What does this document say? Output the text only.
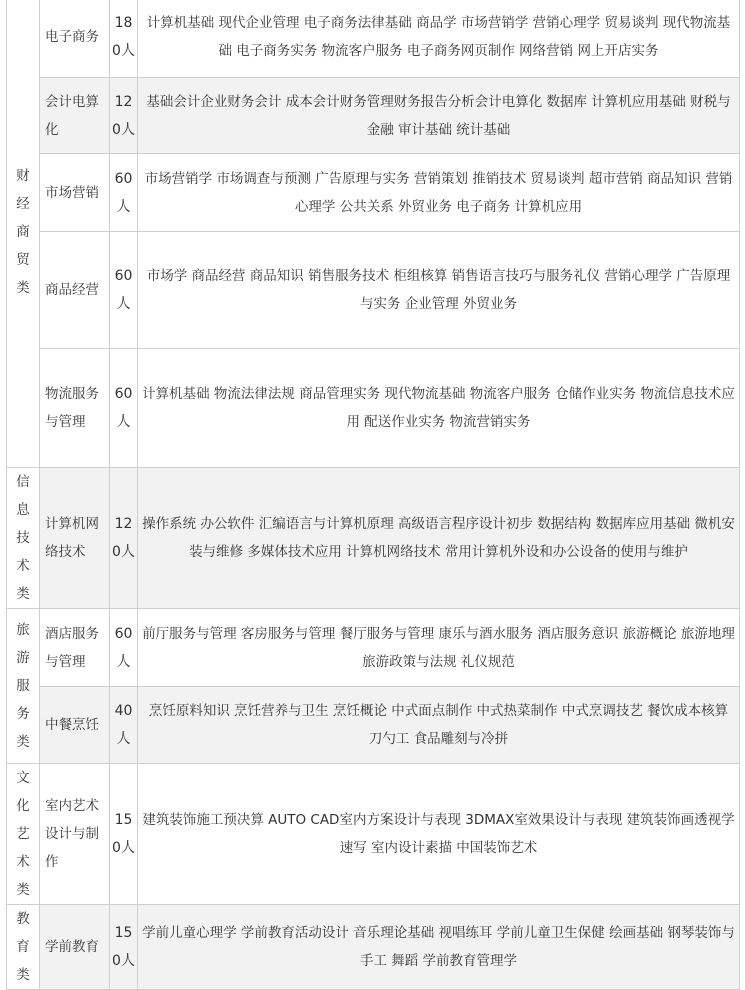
财经商贸类	电子商务	180人	计算机基础 现代企业管理 电子商务法律基础 商品学 市场营销学 营销心理学 贸易谈判 现代物流基础 电子商务实务 物流客户服务 电子商务网页制作 网络营销 网上开店实务
	会计电算化	120人	基础会计企业财务会计 成本会计财务管理财务报告分析会计电算化 数据库 计算机应用基础 财税与金融 审计基础 统计基础
	市场营销	60人	市场营销学 市场调查与预测 广告原理与实务 营销策划 推销技术 贸易谈判 超市营销 商品知识 营销心理学 公共关系 外贸业务 电子商务 计算机应用
	商品经营	60人	市场学 商品经营 商品知识 销售服务技术 柜组核算 销售语言技巧与服务礼仪 营销心理学 广告原理与实务 企业管理 外贸业务
	物流服务与管理	60人	计算机基础 物流法律法规 商品管理实务 现代物流基础 物流客户服务 仓储作业实务 物流信息技术应用 配送作业实务 物流营销实务
信息技术类	计算机网络技术	120人	操作系统 办公软件 汇编语言与计算机原理 高级语言程序设计初步 数据结构 数据库应用基础 微机安装与维修 多媒体技术应用 计算机网络技术 常用计算机外设和办公设备的使用与维护
旅游服务类	酒店服务与管理	60人	前厅服务与管理 客房服务与管理 餐厅服务与管理 康乐与酒水服务 酒店服务意识 旅游概论 旅游地理 旅游政策与法规 礼仪规范
	中餐烹饪	40人	烹饪原料知识 烹饪营养与卫生 烹饪概论 中式面点制作 中式热菜制作 中式烹调技艺 餐饮成本核算 刀勺工 食品雕刻与冷拼
文化艺术类	室内艺术设计与制作	150人	建筑装饰施工预决算 AUTO CAD室内方案设计与表现 3DMAX室效果设计与表现 建筑装饰画透视学 速写 室内设计素描 中国装饰艺术
教育类	学前教育	150人	学前儿童心理学 学前教育活动设计 音乐理论基础 视唱练耳 学前儿童卫生保健 绘画基础 钢琴装饰与手工 舞蹈 学前教育管理学
